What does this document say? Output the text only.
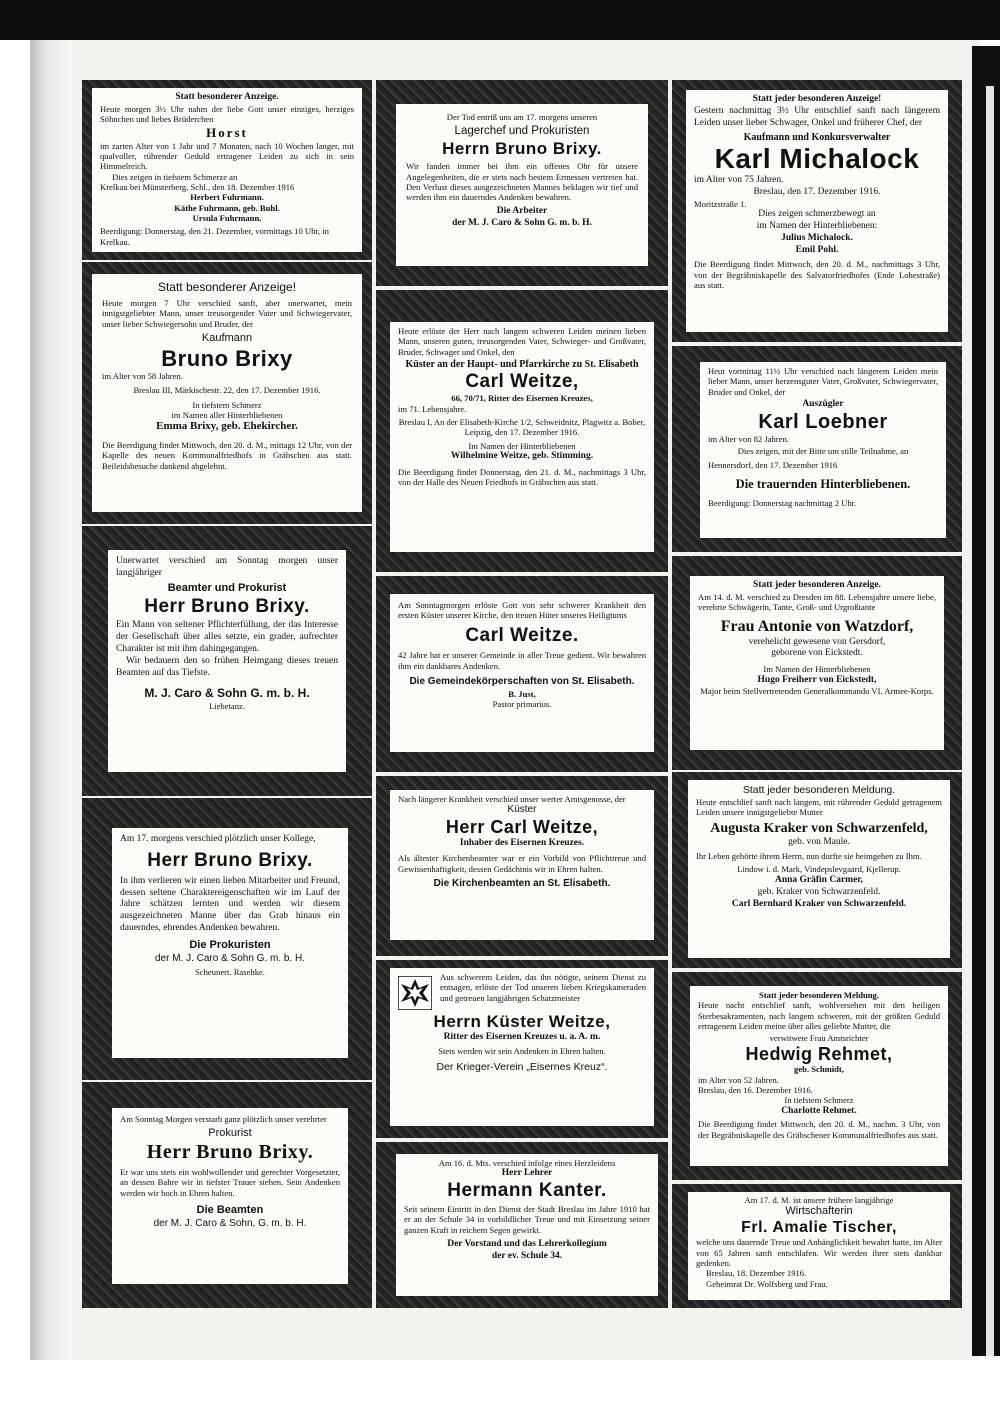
Statt besonderer Anzeige.
Heute morgen 3½ Uhr nahm der liebe Gott unser einziges, herziges Söhnchen und liebes Brüderchen
Horst
im zarten Alter von 1 Jahr und 7 Monaten, nach 10 Wochen langer, mit qualvoller, rührender Geduld ertragener Leiden zu sich in sein Himmelreich.
Dies zeigen in tiefstem Schmerze an
Krelkau bei Münsterberg, Schl., den 18. Dezember 1916
Herbert Fuhrmann.
Käthe Fuhrmann, geb. Buhl.
Ursula Fuhrmann.
Beerdigung: Donnerstag, den 21. Dezember, vormittags 10 Uhr, in Krelkau.
Statt besonderer Anzeige!
Heute morgen 7 Uhr verschied sanft, aber unerwartet, mein innigstgeliebter Mann, unser treusorgender Vater und Schwiegervater, unser lieber Schwiegersohn und Bruder, der
Kaufmann
Bruno Brixy
im Alter von 58 Jahren.
Breslau III, Märkischestr. 22, den 17. Dezember 1916.
In tiefstem Schmerz
im Namen aller Hinterbliebenen
Emma Brixy, geb. Ehekircher.
Die Beerdigung findet Mittwoch, den 20. d. M., mittags 12 Uhr, von der Kapelle des neuen Kommunalfriedhofs in Gräbschen aus statt. Beileidsbesuche dankend abgelehnt.
Unerwartet verschied am Sonntag morgen unser langjähriger
Beamter und Prokurist
Herr Bruno Brixy.
Ein Mann von seltener Pflichterfüllung, der das Interesse der Gesellschaft über alles setzte, ein grader, aufrechter Charakter ist mit ihm dahingegangen.
Wir bedauern den so frühen Heimgang dieses treuen Beamten auf das Tiefste.
M. J. Caro & Sohn G. m. b. H.
Liebetanz.
Am 17. morgens verschied plötzlich unser Kollege,
Herr Bruno Brixy.
In ihm verlieren wir einen lieben Mitarbeiter und Freund, dessen seltene Charaktereigenschaften wir im Lauf der Jahre schätzen lernten und werden wir diesem ausgezeichneten Manne über das Grab hinaus ein dauerndes, ehrendes Andenken bewahren.
Die Prokuristen
der M. J. Caro & Sohn G. m. b. H.
Scheunert. Rasehke.
Am Sonntag Morgen verstarb ganz plötzlich unser verehrter
Prokurist
Herr Bruno Brixy.
Er war uns stets ein wohlwollender und gerechter Vorgesetzter, an dessen Bahre wir in tiefster Trauer stehen. Sein Andenken werden wir hoch in Ehren halten.
Die Beamten
der M. J. Caro & Sohn, G. m. b. H.
Der Tod entriß uns am 17. morgens unseren
Lagerchef und Prokuristen
Herrn Bruno Brixy.
Wir fanden immer bei ihm ein offenes Ohr für unsere Angelegenheiten, die er stets nach bestem Ermessen vertreten hat. Den Verlust dieses ausgezeichneten Mannes beklagen wir tief und werden ihm ein dauerndes Andenken bewahren.
Die Arbeiter
der M. J. Caro & Sohn G. m. b. H.
Heute erlöste der Herr nach langem schweren Leiden meinen lieben Mann, unseren guten, treusorgenden Vater, Schwieger- und Großvater, Bruder, Schwager und Onkel, den
Küster an der Haupt- und Pfarrkirche zu St. Elisabeth
Carl Weitze,
66, 70/71, Ritter des Eisernen Kreuzes,
im 71. Lebensjahre.
Breslau I, An der Elisabeth-Kirche 1/2, Schweidnitz, Plagwitz a. Bober, Leipzig, den 17. Dezember 1916.
Im Namen der Hinterbliebenen
Wilhelmine Weitze, geb. Stimming.
Die Beerdigung findet Donnerstag, den 21. d. M., nachmittags 3 Uhr, von der Halle des Neuen Friedhofs in Gräbschen aus statt.
Am Sonntagmorgen erlöste Gott von sehr schwerer Krankheit den ersten Küster unserer Kirche, den treuen Hüter unseres Heiligtums
Carl Weitze.
42 Jahre hat er unserer Gemeinde in aller Treue gedient. Wir bewahren ihm ein dankbares Andenken.
Die Gemeindekörperschaften von St. Elisabeth.
B. Just,
Pastor primarius.
Nach längerer Krankheit verschied unser werter Amtsgenosse, der
Küster
Herr Carl Weitze,
Inhaber des Eisernen Kreuzes.
Als ältester Kirchenbeamter war er ein Vorbild von Pflichttreue und Gewissenhaftigkeit, dessen Gedächtnis wir in Ehren halten.
Die Kirchenbeamten an St. Elisabeth.
Aus schwerem Leiden, das ihn nötigte, seinem Dienst zu entsagen, erlöste der Tod unseren lieben Kriegskameraden und getreuen langjährigen Schatzmeister
Herrn Küster Weitze,
Ritter des Eisernen Kreuzes u. a. A. m.
Stets werden wir sein Andenken in Ehren halten.
Der Krieger-Verein „Eisernes Kreuz“.
Am 16. d. Mts. verschied infolge eines Herzleidens
Herr Lehrer
Hermann Kanter.
Seit seinem Eintritt in den Dienst der Stadt Breslau im Jahre 1910 hat er an der Schule 34 in vorbildlicher Treue und mit Einsetzung seiner ganzen Kraft in reichem Segen gewirkt.
Der Vorstand und das Lehrerkollegium
der ev. Schule 34.
Statt jeder besonderen Anzeige!
Gestern nachmittag 3½ Uhr entschlief sanft nach längerem Leiden unser lieber Schwager, Onkel und früherer Chef, der
Kaufmann und Konkursverwalter
Karl Michalock
im Alter von 75 Jahren.
Breslau, den 17. Dezember 1916.
Moritzstraße 1.
Dies zeigen schmerzbewegt an
im Namen der Hinterbliebenen:
Julius Michalock.
Emil Pohl.
Die Beerdigung findet Mittwoch, den 20. d. M., nachmittags 3 Uhr, von der Begräbniskapelle des Salvatorfriedhofes (Ende Lohestraße) aus statt.
Heut vormittag 11½ Uhr verschied nach längerem Leiden mein lieber Mann, unser herzensguter Vater, Großvater, Schwiegervater, Bruder und Onkel, der
Auszügler
Karl Loebner
im Alter von 82 Jahren.
Dies zeigen, mit der Bitte um stille Teilnahme, an
Hennersdorf, den 17. Dezember 1916
Die trauernden Hinterbliebenen.
Beerdigung: Donnerstag nachmittag 2 Uhr.
Statt jeder besonderen Anzeige.
Am 14. d. M. verschied zu Dresden im 88. Lebensjahre unsere liebe, verehrte Schwägerin, Tante, Groß- und Urgroßtante
Frau Antonie von Watzdorf,
verehelicht gewesene von Gersdorf,
geborene von Eickstedt.
Im Namen der Hinterbliebenen
Hugo Freiherr von Eickstedt,
Major beim Stellvertretenden Generalkommando VI. Armee-Korps.
Statt jeder besonderen Meldung.
Heute entschlief sanft nach langem, mit rührender Geduld getragenem Leiden unsere innigstgeliebte Mutter
Augusta Kraker von Schwarzenfeld,
geb. von Maule.
Ihr Leben gehörte ihrem Herrn, nun durfte sie heimgehen zu Ihm.
Lindow i. d. Mark, Vindерslevgaard, Kjellerup.
Anna Gräfin Carmer,
geb. Kraker von Schwarzenfeld.
Carl Bernhard Kraker von Schwarzenfeld.
Statt jeder besonderen Meldung.
Heute nacht entschlief sanft, wohlversehen mit den heiligen Sterbesakramenten, nach langem schweren, mit der größten Geduld ertragenem Leiden meine über alles geliebte Mutter, die
verwitwete Frau Amtsrichter
Hedwig Rehmet,
geb. Schmidt,
im Alter von 52 Jahren.
Breslau, den 16. Dezember 1916.
In tiefstem Schmerz
Charlotte Rehmet.
Die Beerdigung findet Mittwoch, den 20. d. M., nachm. 3 Uhr, von der Begräbniskapelle des Gräbschener Kommunalfriedhofes aus statt.
Am 17. d. M. ist unsere frühere langjährige
Wirtschafterin
Frl. Amalie Tischer,
welche uns dauernde Treue und Anhänglichkeit bewahrt hatte, im Alter von 65 Jahren sanft entschlafen. Wir werden ihrer stets dankbar gedenken.
Breslau, 18. Dezember 1916.
Geheimrat Dr. Wolfsberg und Frau.
